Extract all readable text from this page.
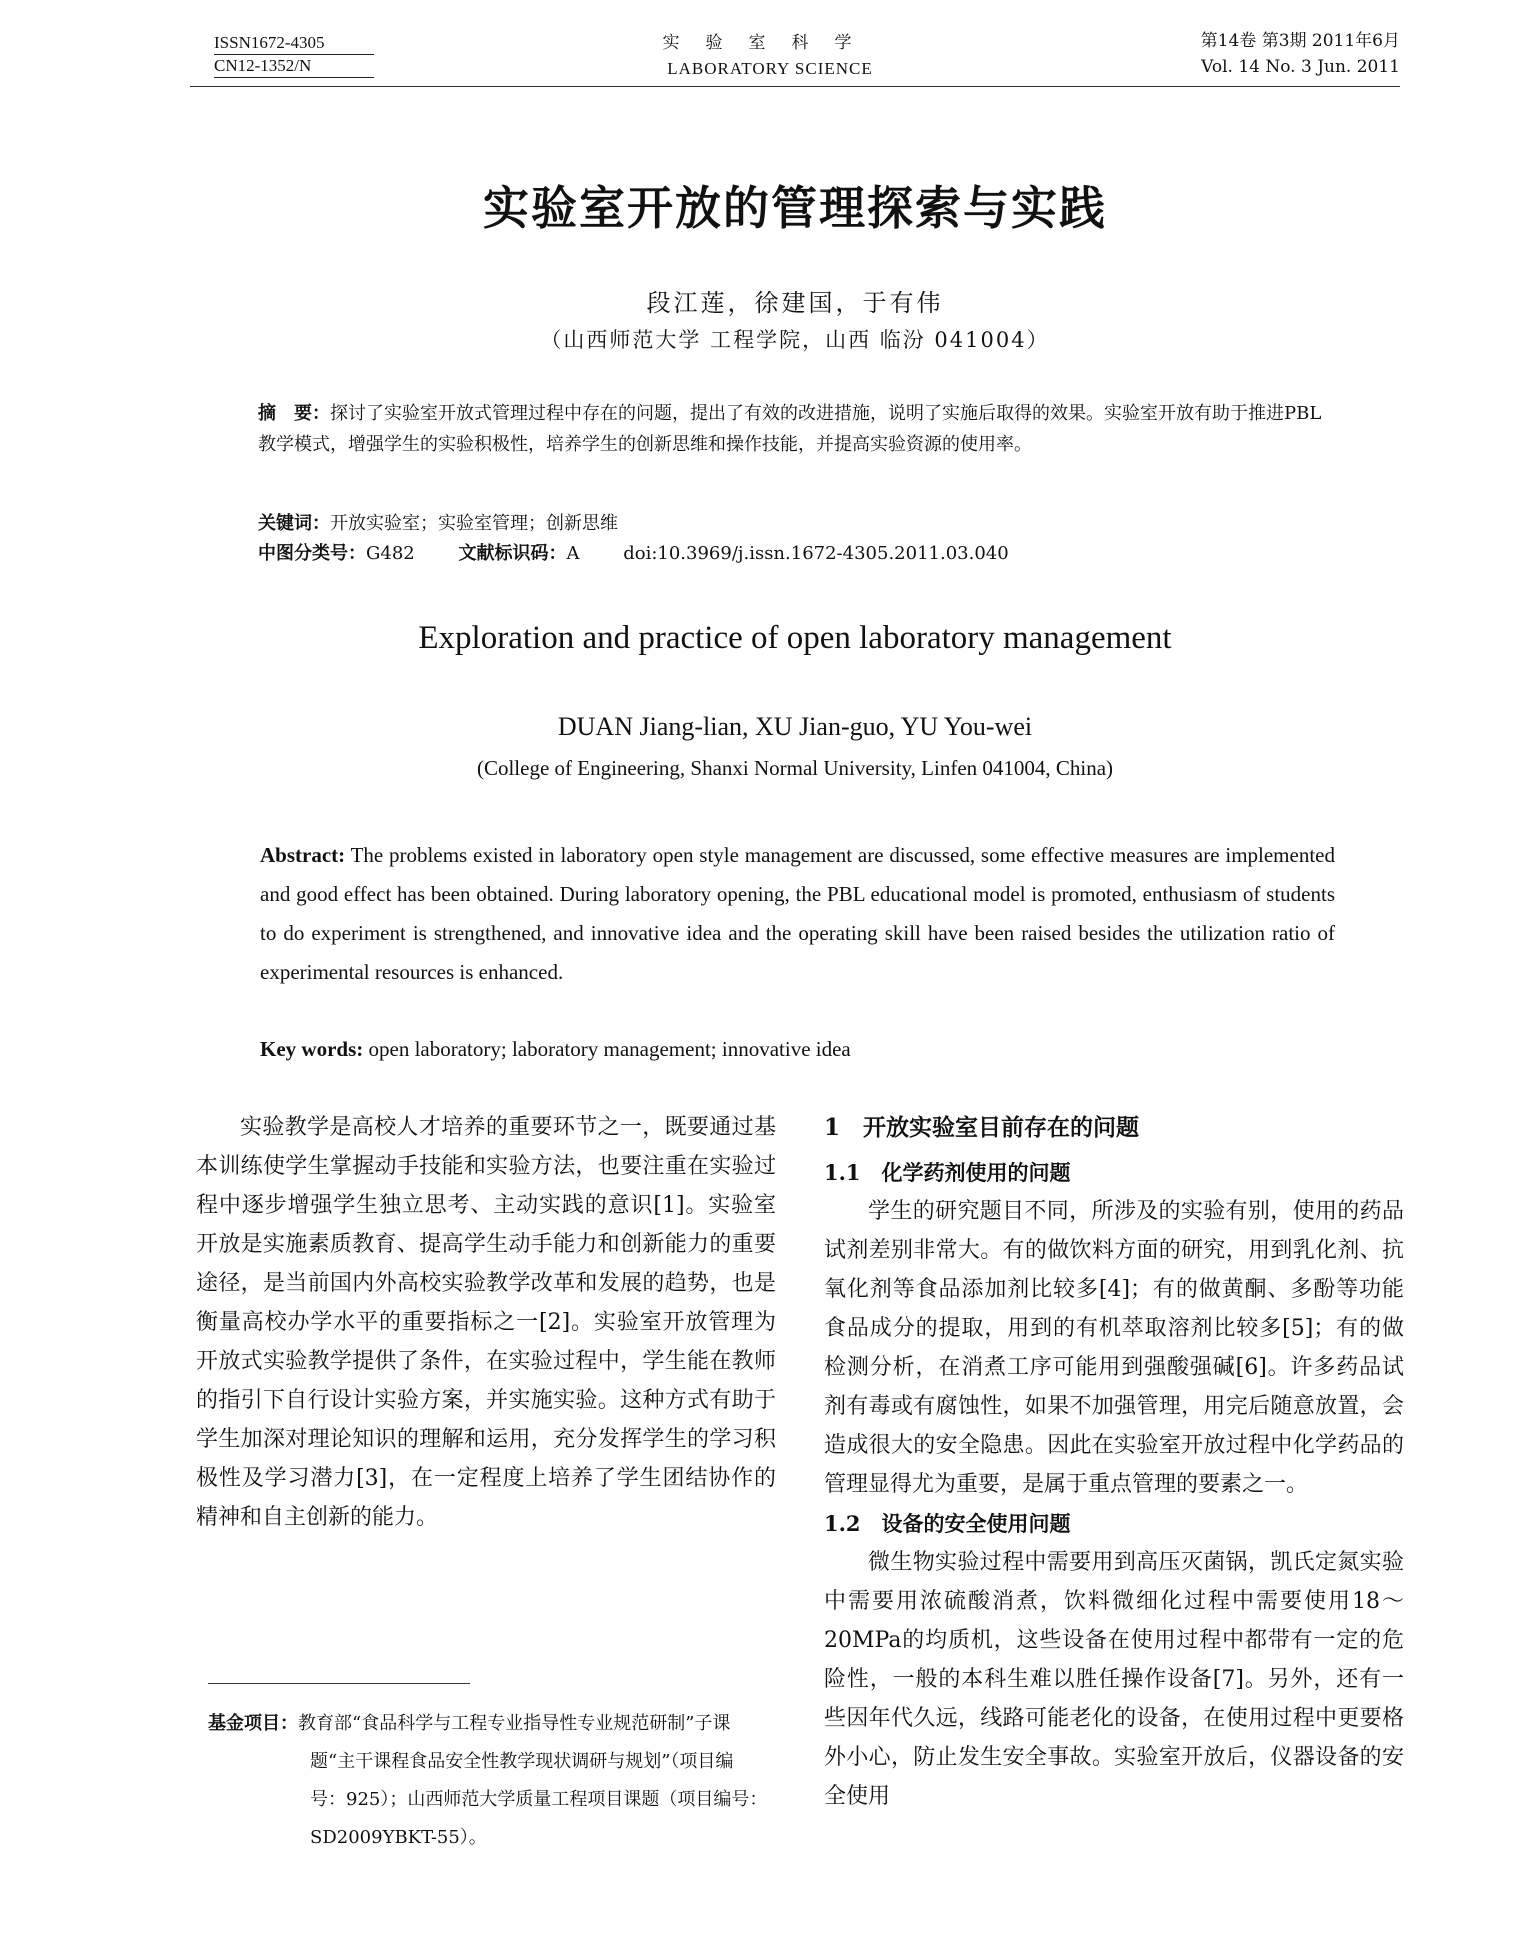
ISSN1672-4305
CN12-1352/N
实验室科学
LABORATORY SCIENCE
第14卷 第3期 2011年6月
Vol. 14 No. 3 Jun. 2011
实验室开放的管理探索与实践
段江莲，徐建国，于有伟
（山西师范大学 工程学院，山西 临汾 041004）
摘　要：探讨了实验室开放式管理过程中存在的问题，提出了有效的改进措施，说明了实施后取得的效果。实验室开放有助于推进PBL教学模式，增强学生的实验积极性，培养学生的创新思维和操作技能，并提高实验资源的使用率。
关键词：开放实验室；实验室管理；创新思维
中图分类号：G482 文献标识码：A doi:10.3969/j.issn.1672-4305.2011.03.040
Exploration and practice of open laboratory management
DUAN Jiang-lian, XU Jian-guo, YU You-wei
(College of Engineering, Shanxi Normal University, Linfen 041004, China)
Abstract: The problems existed in laboratory open style management are discussed, some effective measures are implemented and good effect has been obtained. During laboratory opening, the PBL educational model is promoted, enthusiasm of students to do experiment is strengthened, and innovative idea and the operating skill have been raised besides the utilization ratio of experimental resources is enhanced.
Key words: open laboratory; laboratory management; innovative idea
实验教学是高校人才培养的重要环节之一，既要通过基本训练使学生掌握动手技能和实验方法，也要注重在实验过程中逐步增强学生独立思考、主动实践的意识[1]。实验室开放是实施素质教育、提高学生动手能力和创新能力的重要途径，是当前国内外高校实验教学改革和发展的趋势，也是衡量高校办学水平的重要指标之一[2]。实验室开放管理为开放式实验教学提供了条件，在实验过程中，学生能在教师的指引下自行设计实验方案，并实施实验。这种方式有助于学生加深对理论知识的理解和运用，充分发挥学生的学习积极性及学习潜力[3]，在一定程度上培养了学生团结协作的精神和自主创新的能力。
基金项目：教育部“食品科学与工程专业指导性专业规范研制”子课题“主干课程食品安全性教学现状调研与规划”（项目编号：925）；山西师范大学质量工程项目课题（项目编号：SD2009YBKT-55）。
1　开放实验室目前存在的问题
1.1　化学药剂使用的问题

学生的研究题目不同，所涉及的实验有别，使用的药品试剂差别非常大。有的做饮料方面的研究，用到乳化剂、抗氧化剂等食品添加剂比较多[4]；有的做黄酮、多酚等功能食品成分的提取，用到的有机萃取溶剂比较多[5]；有的做检测分析，在消煮工序可能用到强酸强碱[6]。许多药品试剂有毒或有腐蚀性，如果不加强管理，用完后随意放置，会造成很大的安全隐患。因此在实验室开放过程中化学药品的管理显得尤为重要，是属于重点管理的要素之一。

1.2　设备的安全使用问题

微生物实验过程中需要用到高压灭菌锅，凯氏定氮实验中需要用浓硫酸消煮，饮料微细化过程中需要使用18～20MPa的均质机，这些设备在使用过程中都带有一定的危险性，一般的本科生难以胜任操作设备[7]。另外，还有一些因年代久远，线路可能老化的设备，在使用过程中更要格外小心，防止发生安全事故。实验室开放后，仪器设备的安全使用
